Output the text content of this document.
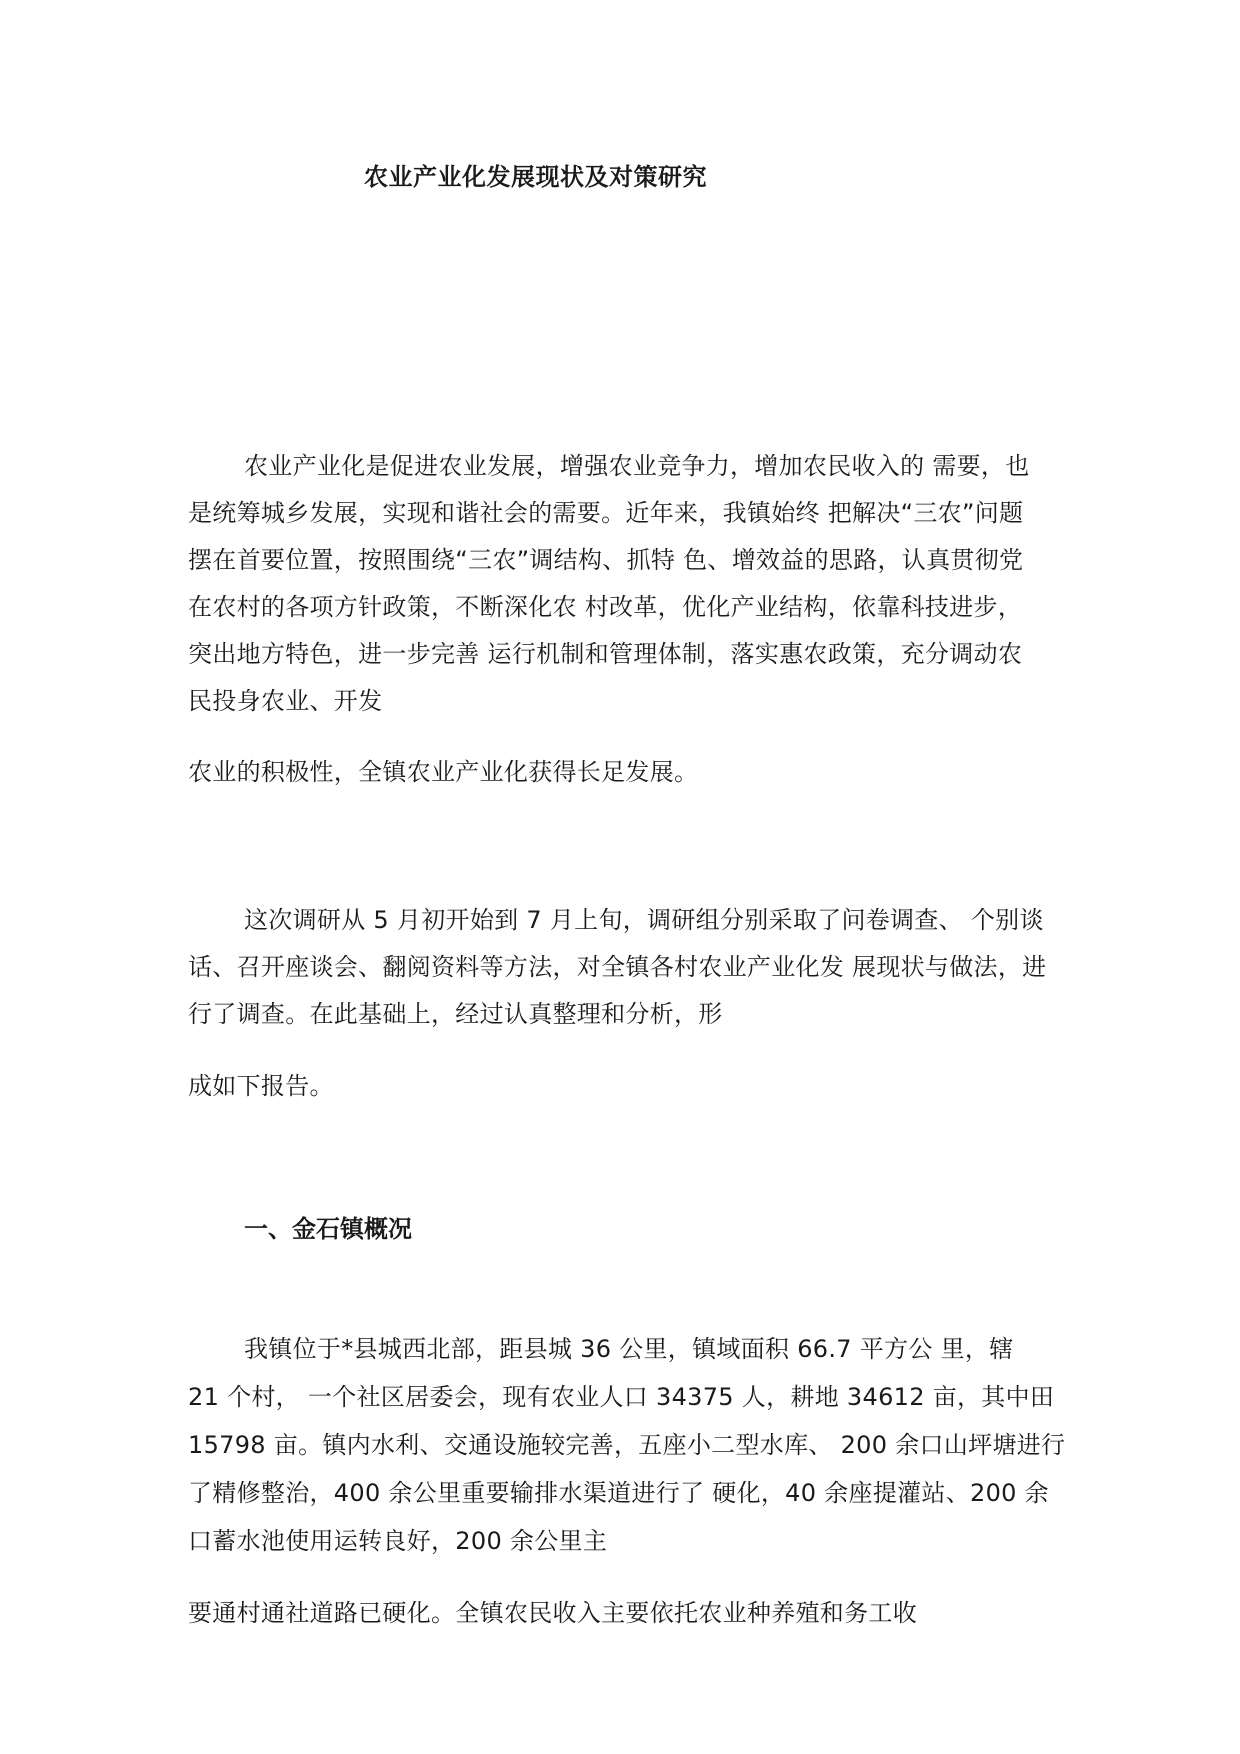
农业产业化发展现状及对策研究

农业产业化是促进农业发展，增强农业竞争力，增加农民收入的 需要，也

是统筹城乡发展，实现和谐社会的需要。近年来，我镇始终 把解决“三农”问题

摆在首要位置，按照围绕“三农”调结构、抓特 色、增效益的思路，认真贯彻党

在农村的各项方针政策，不断深化农 村改革，优化产业结构，依靠科技进步，

突出地方特色，进一步完善 运行机制和管理体制，落实惠农政策，充分调动农

民投身农业、开发

农业的积极性，全镇农业产业化获得长足发展。

这次调研从 5 月初开始到 7 月上旬，调研组分别采取了问卷调查、 个别谈

话、召开座谈会、翻阅资料等方法，对全镇各村农业产业化发 展现状与做法，进

行了调查。在此基础上，经过认真整理和分析，形

成如下报告。

一、金石镇概况

我镇位于*县城西北部，距县城 36 公里，镇域面积 66.7 平方公 里，辖

21 个村， 一个社区居委会，现有农业人口 34375 人，耕地 34612 亩，其中田

15798 亩。镇内水利、交通设施较完善，五座小二型水库、 200 余口山坪塘进行

了精修整治，400 余公里重要输排水渠道进行了 硬化，40 余座提灌站、200 余

口蓄水池使用运转良好，200 余公里主

要通村通社道路已硬化。全镇农民收入主要依托农业种养殖和务工收
